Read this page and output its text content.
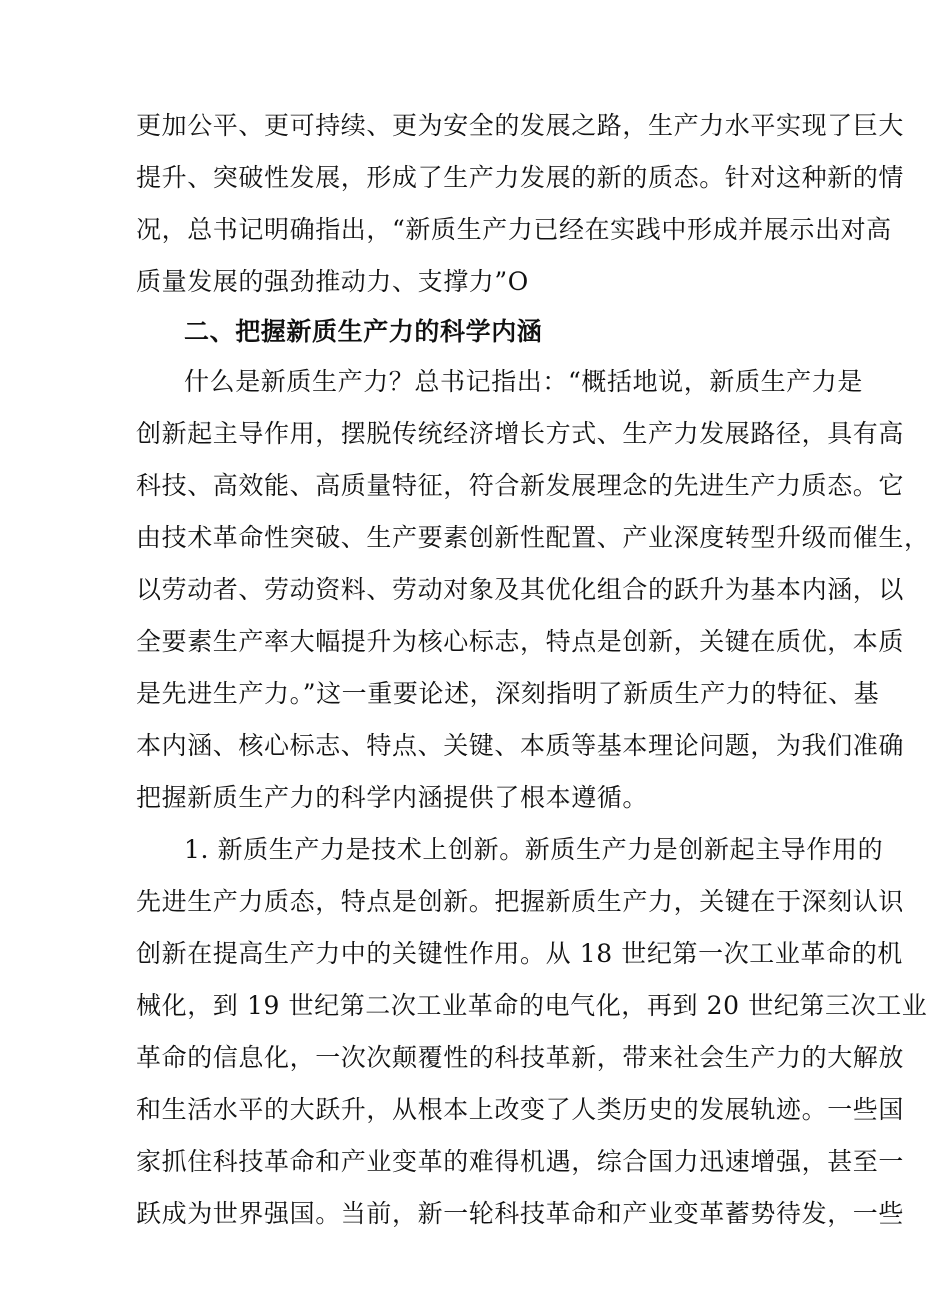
更加公平、更可持续、更为安全的发展之路，生产力水平实现了巨大
提升、突破性发展，形成了生产力发展的新的质态。针对这种新的情
况，总书记明确指出，“新质生产力已经在实践中形成并展示出对高
质量发展的强劲推动力、支撑力”O
二、把握新质生产力的科学内涵
什么是新质生产力？总书记指出：“概括地说，新质生产力是
创新起主导作用，摆脱传统经济增长方式、生产力发展路径，具有高
科技、高效能、高质量特征，符合新发展理念的先进生产力质态。它
由技术革命性突破、生产要素创新性配置、产业深度转型升级而催生，
以劳动者、劳动资料、劳动对象及其优化组合的跃升为基本内涵，以
全要素生产率大幅提升为核心标志，特点是创新，关键在质优，本质
是先进生产力。”这一重要论述，深刻指明了新质生产力的特征、基
本内涵、核心标志、特点、关键、本质等基本理论问题，为我们准确
把握新质生产力的科学内涵提供了根本遵循。
1. 新质生产力是技术上创新。新质生产力是创新起主导作用的
先进生产力质态，特点是创新。把握新质生产力，关键在于深刻认识
创新在提高生产力中的关键性作用。从 18 世纪第一次工业革命的机
械化，到 19 世纪第二次工业革命的电气化，再到 20 世纪第三次工业
革命的信息化，一次次颠覆性的科技革新，带来社会生产力的大解放
和生活水平的大跃升，从根本上改变了人类历史的发展轨迹。一些国
家抓住科技革命和产业变革的难得机遇，综合国力迅速增强，甚至一
跃成为世界强国。当前，新一轮科技革命和产业变革蓄势待发，一些
